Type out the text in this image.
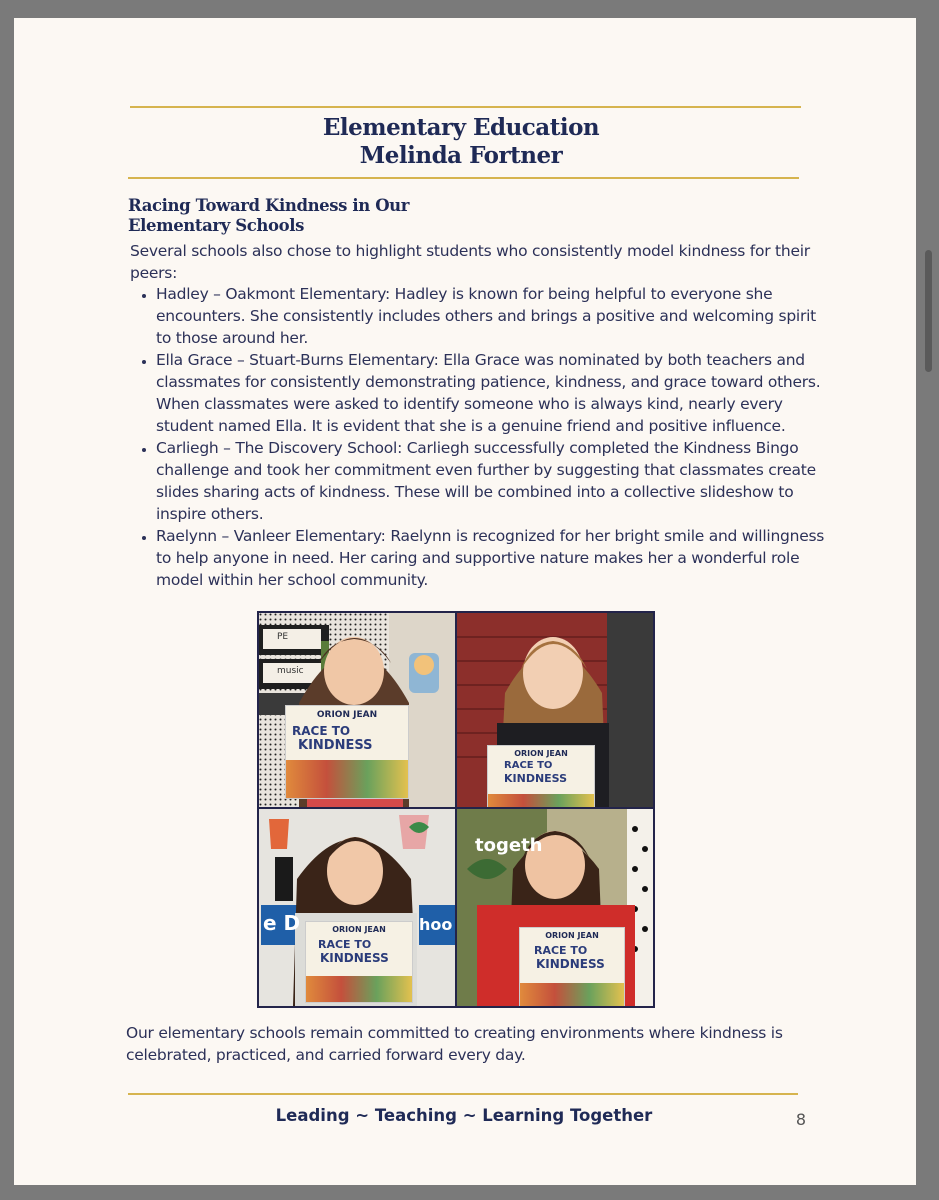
Elementary Education
Melinda Fortner
Racing Toward Kindness in Our
Elementary Schools
Several schools also chose to highlight students who consistently model kindness for their peers:
• Hadley – Oakmont Elementary: Hadley is known for being helpful to everyone she encounters. She consistently includes others and brings a positive and welcoming spirit to those around her.
• Ella Grace – Stuart-Burns Elementary: Ella Grace was nominated by both teachers and classmates for consistently demonstrating patience, kindness, and grace toward others. When classmates were asked to identify someone who is always kind, nearly every student named Ella. It is evident that she is a genuine friend and positive influence.
• Carliegh – The Discovery School: Carliegh successfully completed the Kindness Bingo challenge and took her commitment even further by suggesting that classmates create slides sharing acts of kindness. These will be combined into a collective slideshow to inspire others.
• Raelynn – Vanleer Elementary: Raelynn is recognized for her bright smile and willingness to help anyone in need. Her caring and supportive nature makes her a wonderful role model within her school community.
ORION JEAN
RACE TO
KINDNESS
PE
music
ORION JEAN
RACE TO
KINDNESS
e D	hoo
ORION JEAN
RACE TO
KINDNESS
togeth
ORION JEAN
RACE TO
KINDNESS
Our elementary schools remain committed to creating environments where kindness is celebrated, practiced, and carried forward every day.
Leading ~ Teaching ~ Learning Together	8
